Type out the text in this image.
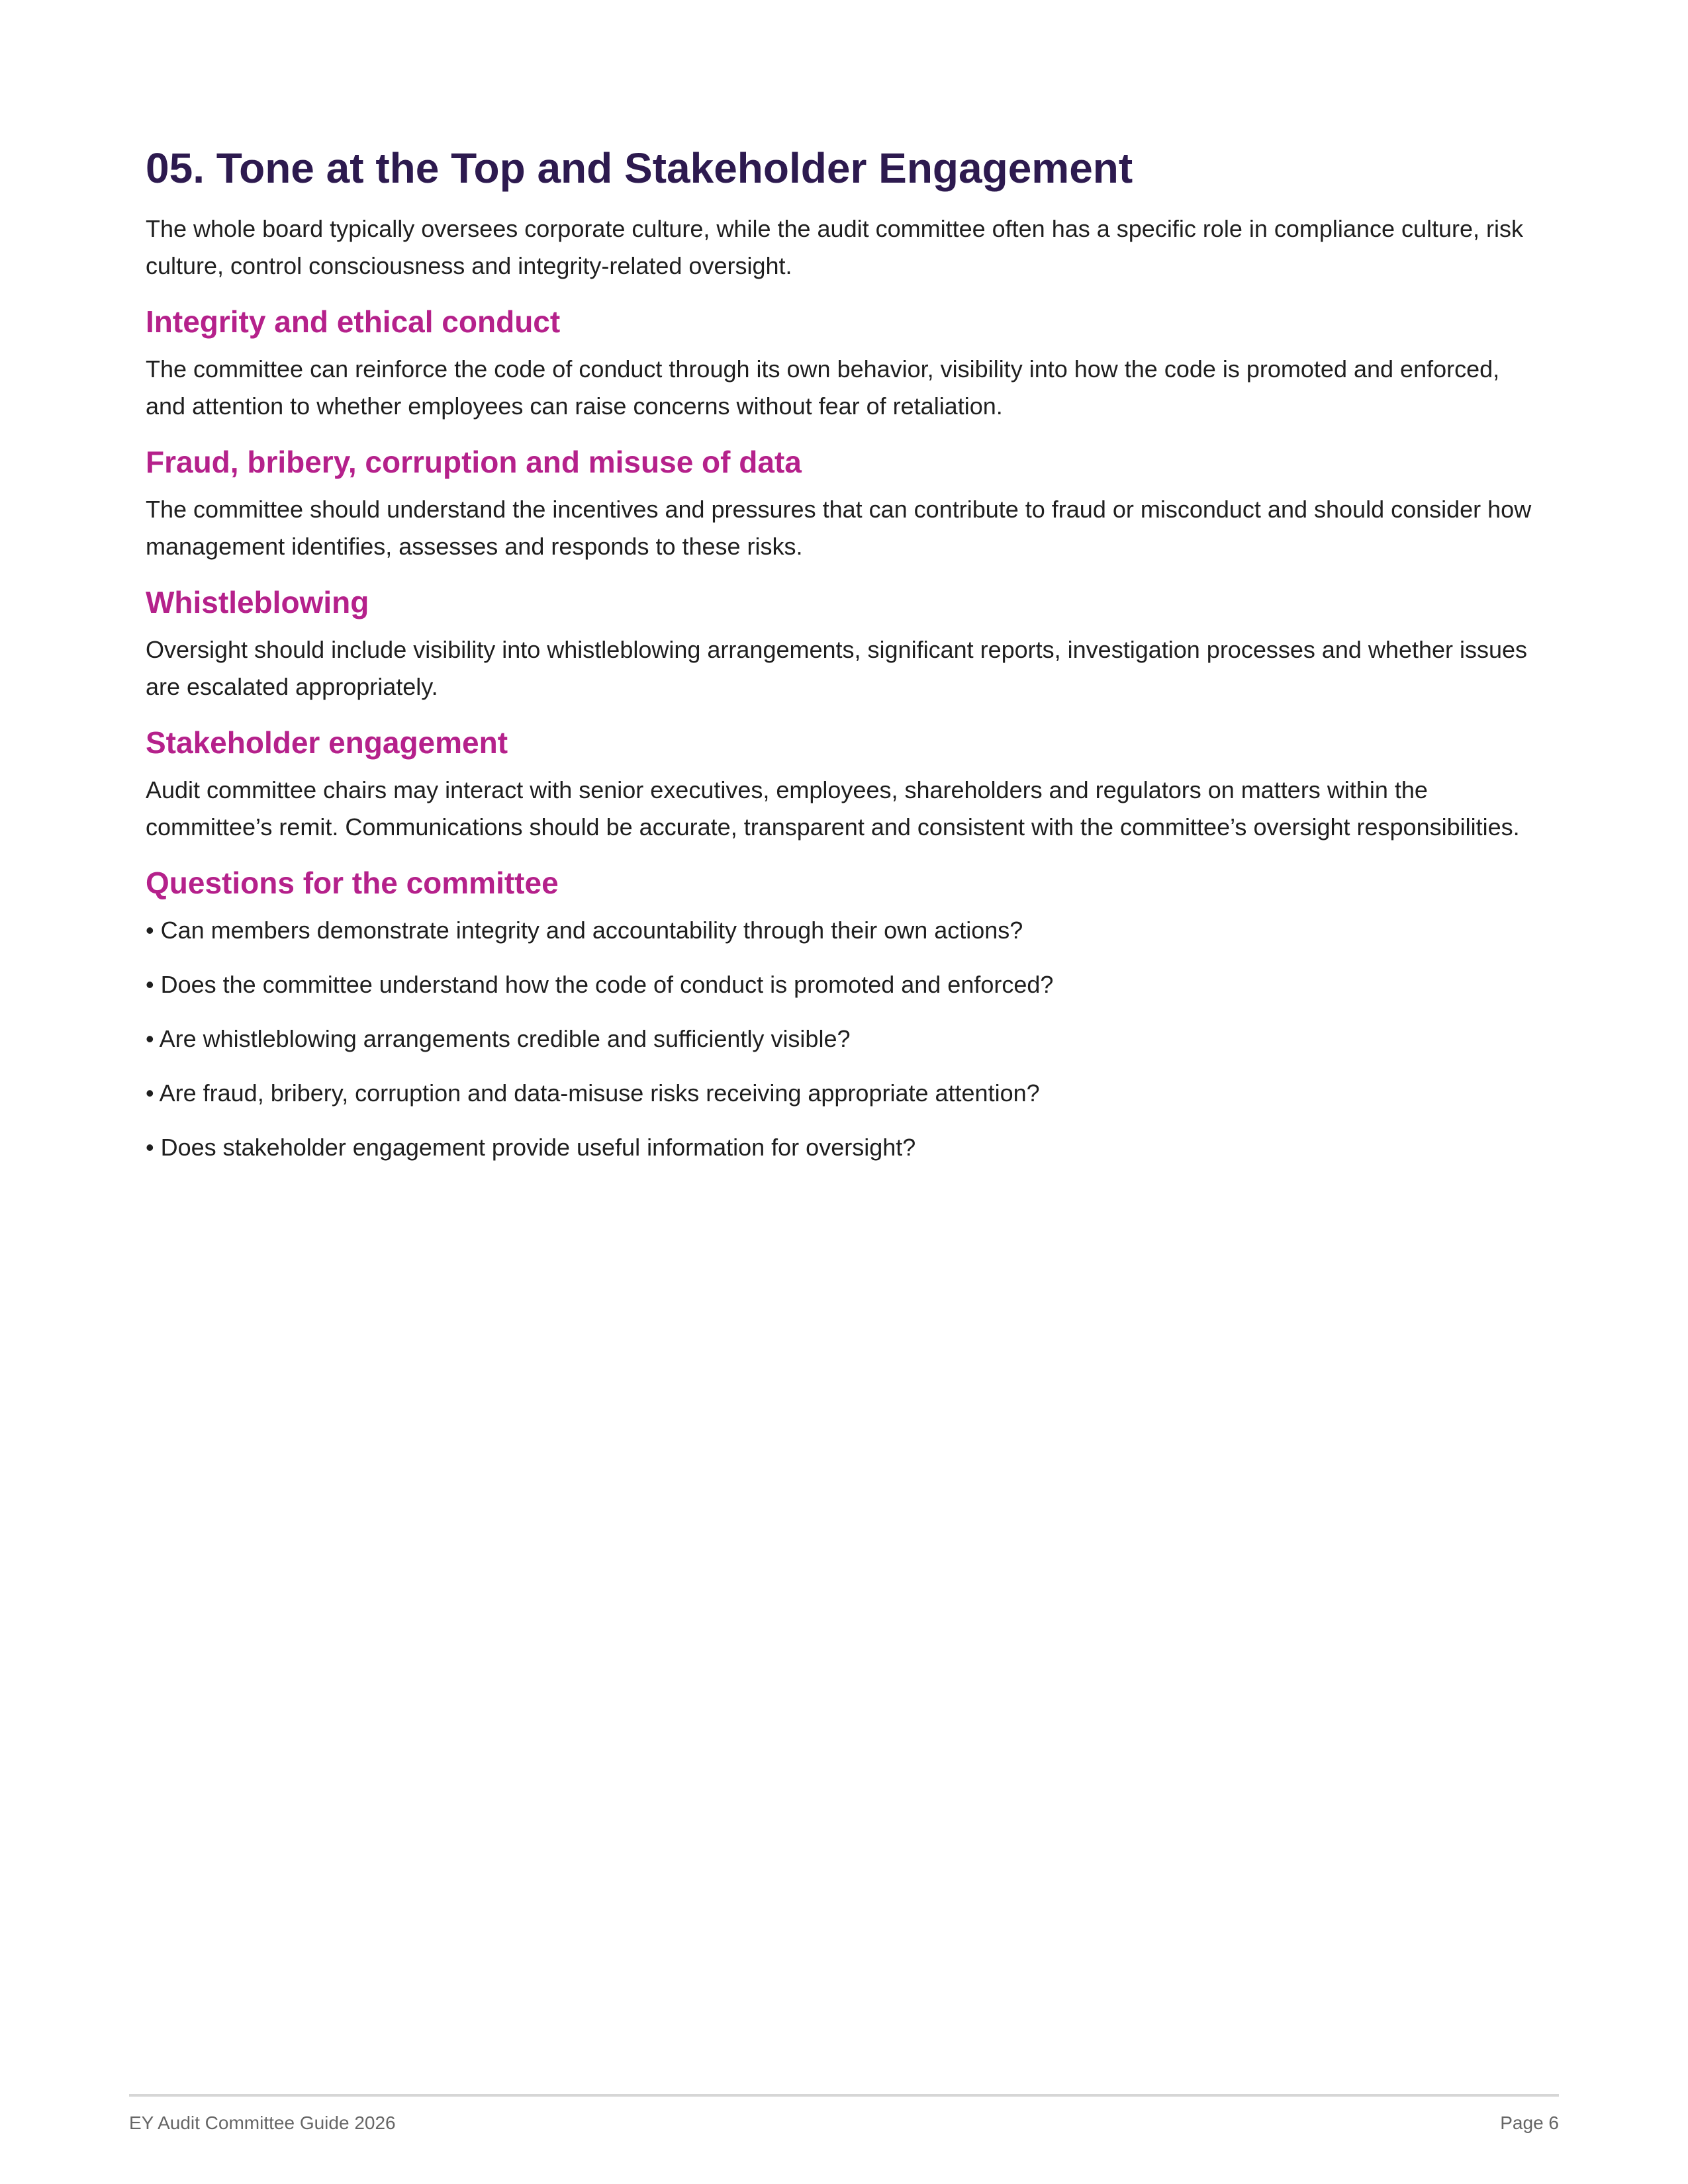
05. Tone at the Top and Stakeholder Engagement

The whole board typically oversees corporate culture, while the audit committee often has a specific role in compliance culture, risk culture, control consciousness and integrity-related oversight.

Integrity and ethical conduct

The committee can reinforce the code of conduct through its own behavior, visibility into how the code is promoted and enforced, and attention to whether employees can raise concerns without fear of retaliation.

Fraud, bribery, corruption and misuse of data

The committee should understand the incentives and pressures that can contribute to fraud or misconduct and should consider how management identifies, assesses and responds to these risks.

Whistleblowing

Oversight should include visibility into whistleblowing arrangements, significant reports, investigation processes and whether issues are escalated appropriately.

Stakeholder engagement

Audit committee chairs may interact with senior executives, employees, shareholders and regulators on matters within the committee’s remit. Communications should be accurate, transparent and consistent with the committee’s oversight responsibilities.

Questions for the committee
• Can members demonstrate integrity and accountability through their own actions?
• Does the committee understand how the code of conduct is promoted and enforced?
• Are whistleblowing arrangements credible and sufficiently visible?
• Are fraud, bribery, corruption and data-misuse risks receiving appropriate attention?
• Does stakeholder engagement provide useful information for oversight?
EY Audit Committee Guide 2026	Page 6
